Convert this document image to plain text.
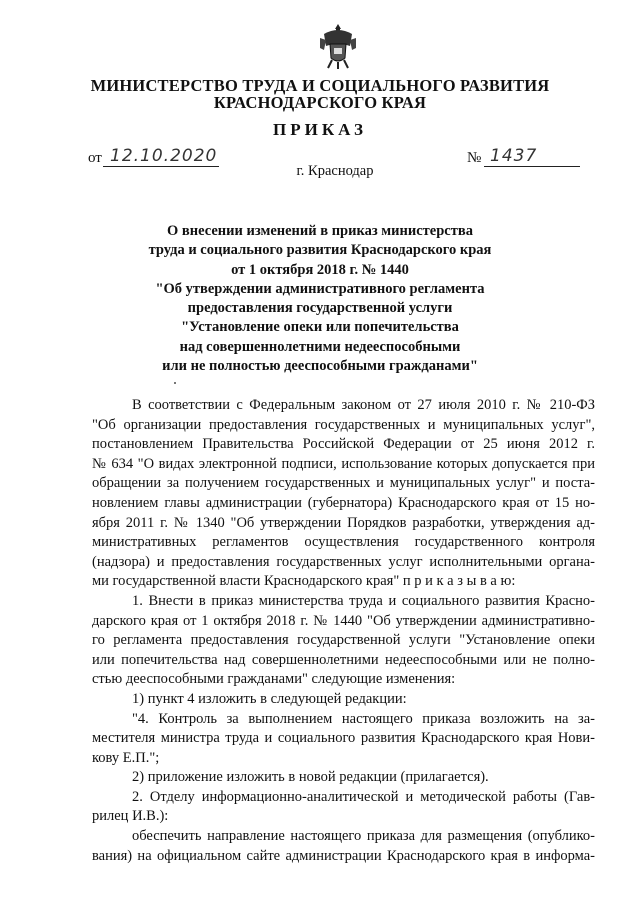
МИНИСТЕРСТВО ТРУДА И СОЦИАЛЬНОГО РАЗВИТИЯ
КРАСНОДАРСКОГО КРАЯ
ПРИКАЗ
от 12.10.2020	№ 1437
г. Краснодар
О внесении изменений в приказ министерства
труда и социального развития Краснодарского края
от 1 октября 2018 г. № 1440
"Об утверждении административного регламента
предоставления государственной услуги
"Установление опеки или попечительства
над совершеннолетними недееспособными
или не полностью дееспособными гражданами"
В соответствии с Федеральным законом от 27 июля 2010 г. № 210-ФЗ
"Об организации предоставления государственных и муниципальных услуг",
постановлением Правительства Российской Федерации от 25 июня 2012 г.
№ 634 "О видах электронной подписи, использование которых допускается при
обращении за получением государственных и муниципальных услуг" и поста-
новлением главы администрации (губернатора) Краснодарского края от 15 но-
ября 2011 г. № 1340 "Об утверждении Порядков разработки, утверждения ад-
министративных регламентов осуществления государственного контроля
(надзора) и предоставления государственных услуг исполнительными органа-
ми государственной власти Краснодарского края" п р и к а з ы в а ю:
1. Внести в приказ министерства труда и социального развития Красно-
дарского края от 1 октября 2018 г. № 1440 "Об утверждении административно-
го регламента предоставления государственной услуги "Установление опеки
или попечительства над совершеннолетними недееспособными или не полно-
стью дееспособными гражданами" следующие изменения:
1) пункт 4 изложить в следующей редакции:
"4. Контроль за выполнением настоящего приказа возложить на за-
местителя министра труда и социального развития Краснодарского края Нови-
кову Е.П.";
2) приложение изложить в новой редакции (прилагается).
2. Отделу информационно-аналитической и методической работы (Гав-
рилец И.В.):
обеспечить направление настоящего приказа для размещения (опублико-
вания) на официальном сайте администрации Краснодарского края в информа-
